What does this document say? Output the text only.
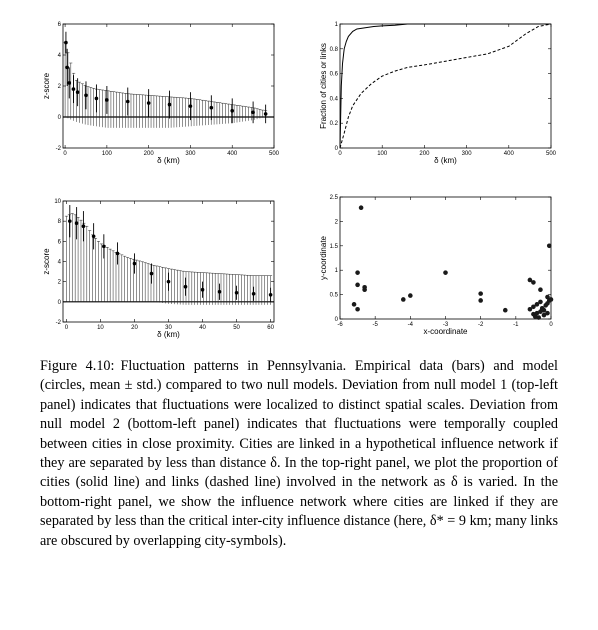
0	100	200	300	400	500
-2
0
2
4
6
δ (km)
z-score
0	100	200	300	400	500
0
0.2
0.4
0.6
0.8
1
δ (km)
Fraction of cities or links
0	10	20	30	40	50	60
-2
0
2
4
6
8
10
δ (km)
z-score
-6	-5	-4	-3	-2	-1	0
0
0.5
1
1.5
2
2.5
x-coordinate
y-coordinate
Figure 4.10: Fluctuation patterns in Pennsylvania. Empirical data (bars) and model (circles, mean ± std.) compared to two null models. Deviation from null model 1 (top-left panel) indicates that fluctuations were localized to distinct spatial scales. Deviation from null model 2 (bottom-left panel) indicates that fluctuations were temporally coupled between cities in close proximity. Cities are linked in a hypothetical influence network if they are separated by less than distance δ. In the top-right panel, we plot the proportion of cities (solid line) and links (dashed line) involved in the network as δ is varied. In the bottom-right panel, we show the influence network where cities are linked if they are separated by less than the critical inter-city influence distance (here, δ* = 9 km; many links are obscured by overlapping city-symbols).
